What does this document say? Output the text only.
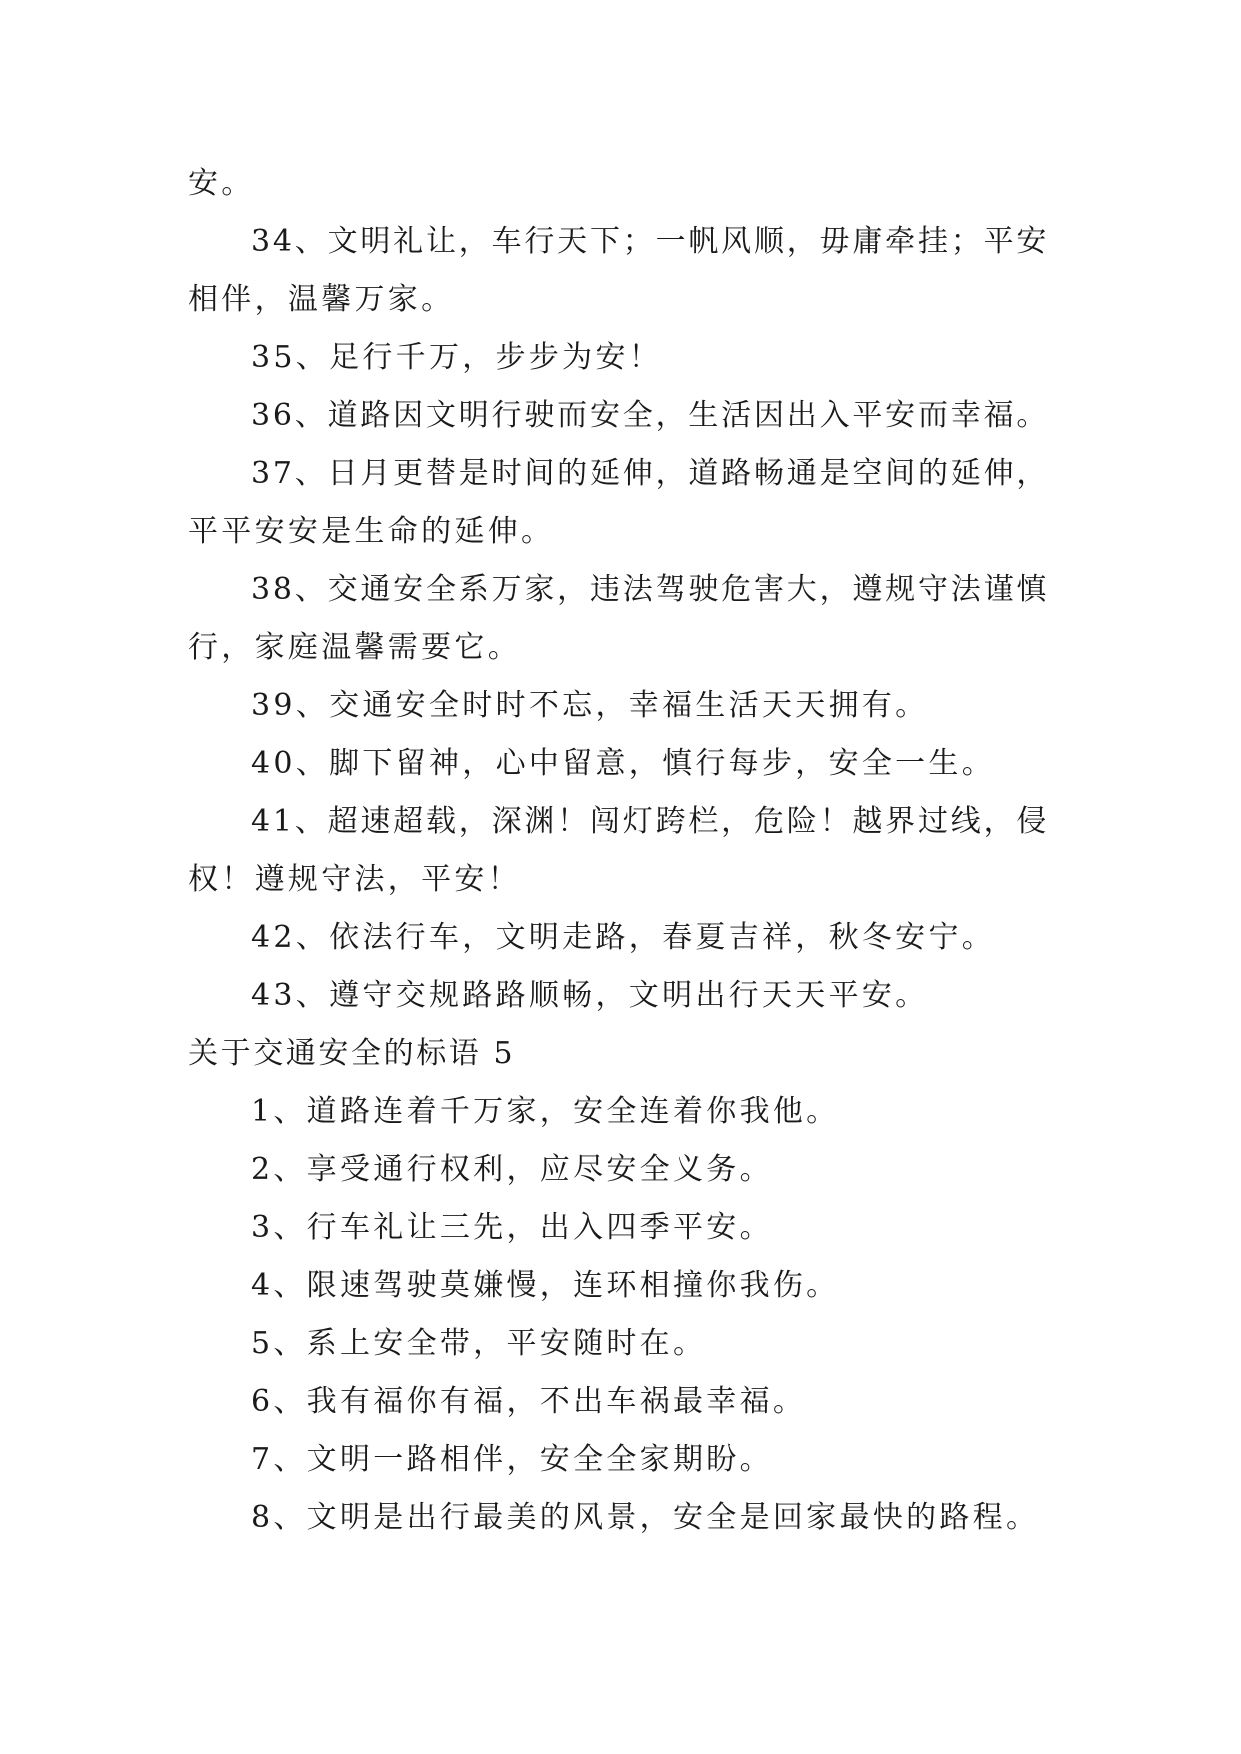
安。

34、文明礼让，车行天下；一帆风顺，毋庸牵挂；平安

相伴，温馨万家。

35、足行千万，步步为安！

36、道路因文明行驶而安全，生活因出入平安而幸福。

37、日月更替是时间的延伸，道路畅通是空间的延伸，

平平安安是生命的延伸。

38、交通安全系万家，违法驾驶危害大，遵规守法谨慎

行，家庭温馨需要它。

39、交通安全时时不忘，幸福生活天天拥有。

40、脚下留神，心中留意，慎行每步，安全一生。

41、超速超载，深渊！闯灯跨栏，危险！越界过线，侵

权！遵规守法，平安！

42、依法行车，文明走路，春夏吉祥，秋冬安宁。

43、遵守交规路路顺畅，文明出行天天平安。

关于交通安全的标语 5

1、道路连着千万家，安全连着你我他。

2、享受通行权利，应尽安全义务。

3、行车礼让三先，出入四季平安。

4、限速驾驶莫嫌慢，连环相撞你我伤。

5、系上安全带，平安随时在。

6、我有福你有福，不出车祸最幸福。

7、文明一路相伴，安全全家期盼。

8、文明是出行最美的风景，安全是回家最快的路程。
